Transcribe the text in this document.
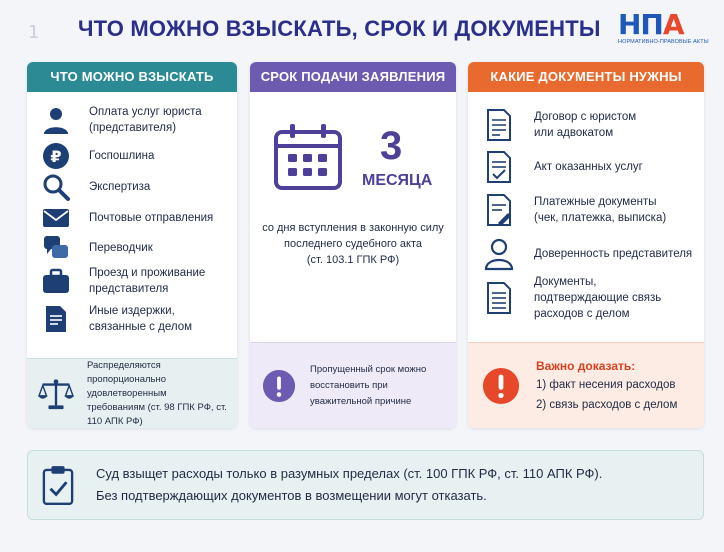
1 ЧТО МОЖНО ВЗЫСКАТЬ, СРОК И ДОКУМЕНТЫ НПА
НОРМАТИВНО-ПРАВОВЫЕ АКТЫ
ЧТО МОЖНО ВЗЫСКАТЬ
Оплата услуг юриста (представителя)
₽ Госпошлина
Экспертиза
Почтовые отправления
Переводчик
Проезд и проживание представителя
Иные издержки, связанные с делом
Распределяются пропорционально удовлетворенным требованиям (ст. 98 ГПК РФ, ст. 110 АПК РФ)
СРОК ПОДАЧИ ЗАЯВЛЕНИЯ
3
МЕСЯЦА
со дня вступления в законную силу
последнего судебного акта
(ст. 103.1 ГПК РФ)
Пропущенный срок можно восстановить при уважительной причине
КАКИЕ ДОКУМЕНТЫ НУЖНЫ
Договор с юристом или адвокатом
Акт оказанных услуг
Платежные документы (чек, платежка, выписка)
Доверенность представителя
Документы, подтверждающие связь расходов с делом
Важно доказать:
1) факт несения расходов
2) связь расходов с делом
Суд взыщет расходы только в разумных пределах (ст. 100 ГПК РФ, ст. 110 АПК РФ).
Без подтверждающих документов в возмещении могут отказать.
